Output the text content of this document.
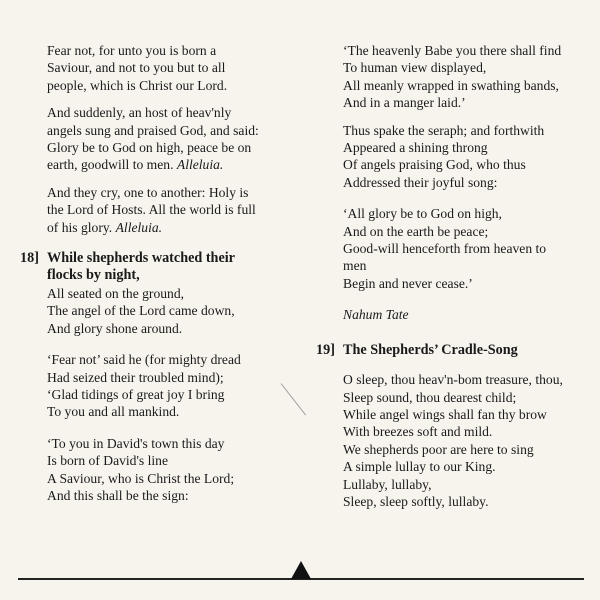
Fear not, for unto you is born a
Saviour, and not to you but to all
people, which is Christ our Lord.
And suddenly, an host of heav'nly
angels sung and praised God, and said:
Glory be to God on high, peace be on
earth, goodwill to men. Alleluia.
And they cry, one to another: Holy is
the Lord of Hosts. All the world is full
of his glory. Alleluia.
18] While shepherds watched their
flocks by night,
All seated on the ground,
The angel of the Lord came down,
And glory shone around.
‘Fear not’ said he (for mighty dread
Had seized their troubled mind);
‘Glad tidings of great joy I bring
To you and all mankind.
‘To you in David's town this day
Is born of David's line
A Saviour, who is Christ the Lord;
And this shall be the sign:
‘The heavenly Babe you there shall find
To human view displayed,
All meanly wrapped in swathing bands,
And in a manger laid.’
Thus spake the seraph; and forthwith
Appeared a shining throng
Of angels praising God, who thus
Addressed their joyful song:
‘All glory be to God on high,
And on the earth be peace;
Good-will henceforth from heaven to
men
Begin and never cease.’
Nahum Tate
19] The Shepherds’ Cradle-Song
O sleep, thou heav'n-bom treasure, thou,
Sleep sound, thou dearest child;
While angel wings shall fan thy brow
With breezes soft and mild.
We shepherds poor are here to sing
A simple lullay to our King.
Lullaby, lullaby,
Sleep, sleep softly, lullaby.
